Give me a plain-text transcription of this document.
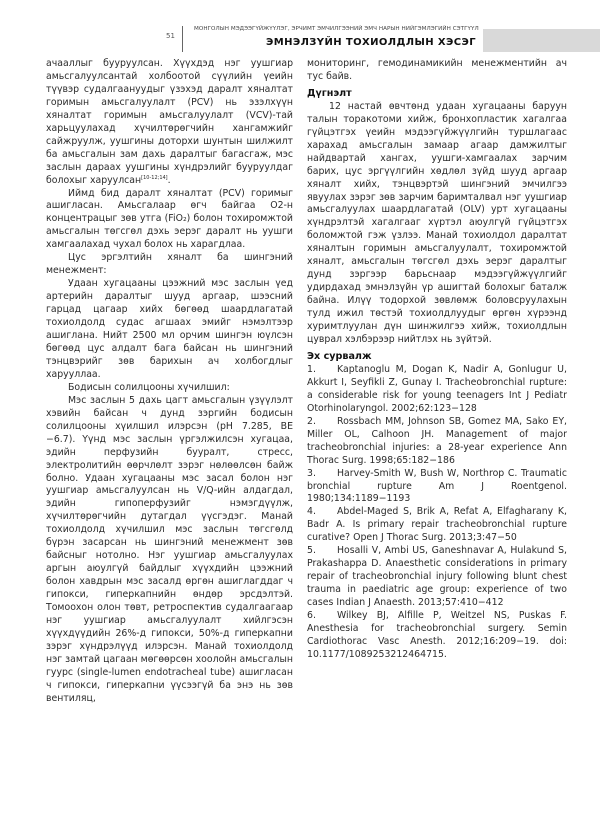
51
МОНГОЛЫН МЭДЭЭГҮЙЖҮҮЛЭГ, ЭРЧИМТ ЭМЧИЛГЭЭНИЙ ЭМЧ НАРЫН НИЙГЭМЛЭГИЙН СЭТГҮҮЛ
ЭМНЭЛЗҮЙН ТОХИОЛДЛЫН ХЭСЭГ

ачааллыг бууруулсан. Хүүхдэд нэг уушгиар амьсгалуулсантай холбоотой сүүлийн үеийн түүвэр судалгаануудыг үзэхэд даралт хяналтат горимын амьсгалуулалт (PCV) нь эзэлхүүн хяналтат горимын амьсгалуулалт (VCV)-тай харьцуулахад хүчилтөрөгчийн хангамжийг сайжруулж, уушгины доторхи шунтын шилжилт ба амьсгалын зам дахь даралтыг багасгаж, мэс заслын дараах уушгины хүндрэлийг бууруулдаг болохыг харуулсан[10-12;14].

Иймд бид даралт хяналтат (PCV) горимыг ашигласан. Амьсгалаар өгч байгаа O2-н концентрацыг зөв утга (FiO₂) болон тохиромжтой амьсгалын төгсгөл дэхь эерэг даралт нь уушги хамгаалахад чухал болох нь харагдлаа.

Цус эргэлтийн хяналт ба шингэний менежмент:

Удаан хугацааны цээжний мэс заслын үед артерийн даралтыг шууд аргаар, шээсний гарцад цагаар хийх бөгөөд шаардлагатай тохиолдолд судас агшаах эмийг нэмэлтээр ашиглана. Нийт 2500 мл орчим шингэн юүлсэн бөгөөд цус алдалт бага байсан нь шингэний тэнцвэрийг зөв барихын ач холбогдлыг харууллаа.

Бодисын солилцооны хүчилшил:

Мэс заслын 5 дахь цагт амьсгалын үзүүлэлт хэвийн байсан ч дунд зэргийн бодисын солилцооны хүилшил илэрсэн (pH 7.285, BE −6.7). Үүнд мэс заслын үргэлжилсэн хугацаа, эдийн перфузийн бууралт, стресс, электролитийн өөрчлөлт зэрэг нөлөөлсөн байж болно. Удаан хугацааны мэс засал болон нэг уушгиар амьсгалуулсан нь V/Q-ийн алдагдал, эдийн гипоперфузийг нэмэгдүүлж, хүчилтөрөгчийн дутагдал үүсгэдэг. Манай тохиолдолд хүчилшил мэс заслын төгсгөлд бүрэн засарсан нь шингэний менежмент зөв байсныг нотолно. Нэг уушгиар амьсгалуулах аргын аюулгүй байдлыг хүүхдийн цээжний болон хавдрын мэс засалд өргөн ашиглагддаг ч гипокси, гиперкапнийн өндөр эрсдэлтэй. Томоохон олон төвт, ретроспектив судалгаагаар нэг уушгиар амьсгалуулалт хийлгэсэн хүүхдүүдийн 26%-д гипокси, 50%-д гиперкапни зэрэг хүндрэлүүд илэрсэн. Манай тохиолдолд нэг замтай цагаан мөгөөрсөн хоолойн амьсгалын гуурс (single-lumen endotracheal tube) ашигласан ч гипокси, гиперкапни үүсээгүй ба энэ нь зөв вентиляц,

мониторинг, гемодинамикийн менежментийн ач тус байв.

Дүгнэлт

12 настай өвчтөнд удаан хугацааны баруун талын торакотоми хийж, бронхопластик хагалгаа гүйцэтгэх үеийн мэдээгүйжүүлгийн туршлагаас харахад амьсгалын замаар агаар дамжилтыг найдвартай хангах, уушги-хамгаалах зарчим барих, цус эргүүлгийн хөдлөл зүйд шууд аргаар хяналт хийх, тэнцвэртэй шингэний эмчилгээ явуулах зэрэг зөв зарчим баримталвал нэг уушгиар амьсгалуулах шаардлагатай (OLV) урт хугацааны хүндрэлтэй хагалгааг хүртэл аюулгүй гүйцэтгэх боломжтой гэж үзлээ. Манай тохиолдол даралтат хяналтын горимын амьсгалуулалт, тохиромжтой хяналт, амьсгалын төгсгөл дэхь эерэг даралтыг дунд зэргээр барьснаар мэдээгүйжүүлгийг удирдахад эмнэлзүйн үр ашигтай болохыг баталж байна. Илүү тодорхой зөвлөмж боловсруулахын тулд ижил төстэй тохиолдлуудыг өргөн хүрээнд хуримтлуулан дүн шинжилгээ хийж, тохиолдлын цуврал хэлбэрээр нийтлэх нь зүйтэй.

Эх сурвалж

1. Kaptanoglu M, Dogan K, Nadir A, Gonlugur U, Akkurt I, Seyfikli Z, Gunay I. Tracheobronchial rupture: a considerable risk for young teenagers Int J Pediatr Otorhinolaryngol. 2002;62:123−128

2. Rossbach MM, Johnson SB, Gomez MA, Sako EY, Miller OL, Calhoon JH. Management of major tracheobronchial injuries: a 28-year experience Ann Thorac Surg. 1998;65:182−186

3. Harvey-Smith W, Bush W, Northrop C. Traumatic bronchial rupture Am J Roentgenol. 1980;134:1189−1193

4. Abdel-Maged S, Brik A, Refat A, Elfagharany K, Badr A. Is primary repair tracheobronchial rupture curative? Open J Thorac Surg. 2013;3:47−50

5. Hosalli V, Ambi US, Ganeshnavar A, Hulakund S, Prakashappa D. Anaesthetic considerations in primary repair of tracheobronchial injury following blunt chest trauma in paediatric age group: experience of two cases Indian J Anaesth. 2013;57:410−412

6. Wilkey BJ, Alfille P, Weitzel NS, Puskas F. Anesthesia for tracheobronchial surgery. Semin Cardiothorac Vasc Anesth. 2012;16:209−19. doi: 10.1177/1089253212464715.
